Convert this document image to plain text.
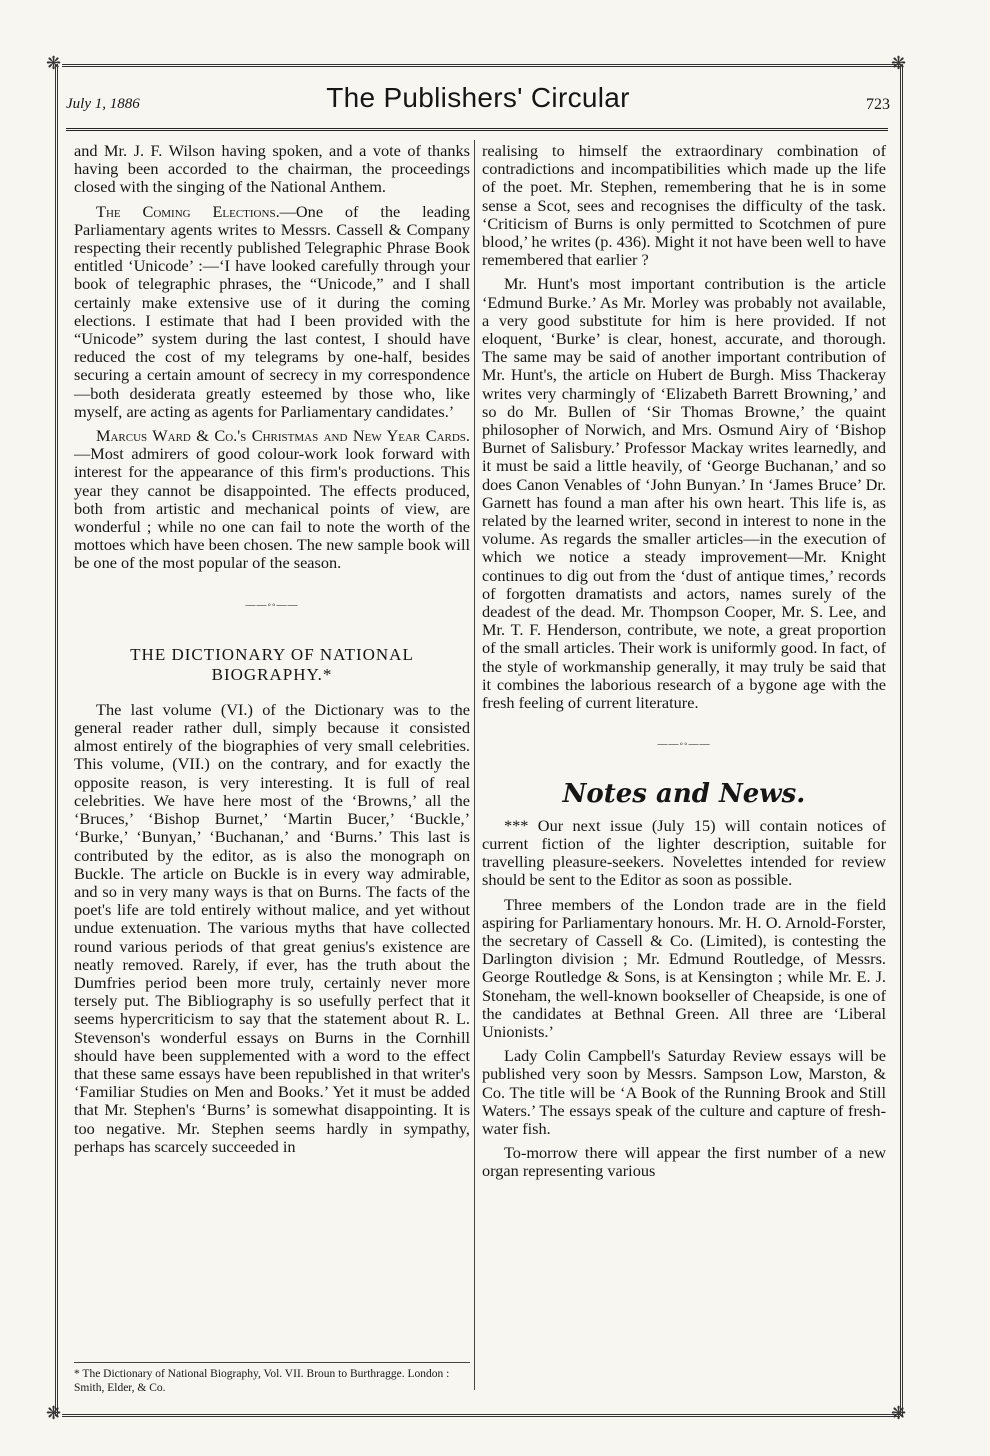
❋	❋
❋	❋
July 1, 1886	The Publishers' Circular	723

and Mr. J. F. Wilson having spoken, and a vote of thanks having been accorded to the chairman, the proceedings closed with the singing of the National Anthem.

The Coming Elections.—One of the leading Parliamentary agents writes to Messrs. Cassell & Company respecting their recently published Telegraphic Phrase Book entitled ‘Unicode’ :—‘I have looked carefully through your book of telegraphic phrases, the “Unicode,” and I shall certainly make extensive use of it during the coming elections. I estimate that had I been provided with the “Unicode” system during the last contest, I should have reduced the cost of my telegrams by one-half, besides securing a certain amount of secrecy in my correspondence—both desiderata greatly esteemed by those who, like myself, are acting as agents for Parliamentary candidates.’

Marcus Ward & Co.'s Christmas and New Year Cards.—Most admirers of good colour-work look forward with interest for the appearance of this firm's productions. This year they cannot be disappointed. The effects produced, both from artistic and mechanical points of view, are wonderful ; while no one can fail to note the worth of the mottoes which have been chosen. The new sample book will be one of the most popular of the season.

——◦◦——
THE DICTIONARY OF NATIONAL BIOGRAPHY.*

The last volume (VI.) of the Dictionary was to the general reader rather dull, simply because it consisted almost entirely of the biographies of very small celebrities. This volume, (VII.) on the contrary, and for exactly the opposite reason, is very interesting. It is full of real celebrities. We have here most of the ‘Browns,’ all the ‘Bruces,’ ‘Bishop Burnet,’ ‘Martin Bucer,’ ‘Buckle,’ ‘Burke,’ ‘Bunyan,’ ‘Buchanan,’ and ‘Burns.’ This last is contributed by the editor, as is also the monograph on Buckle. The article on Buckle is in every way admirable, and so in very many ways is that on Burns. The facts of the poet's life are told entirely without malice, and yet without undue extenuation. The various myths that have collected round various periods of that great genius's existence are neatly removed. Rarely, if ever, has the truth about the Dumfries period been more truly, certainly never more tersely put. The Bibliography is so usefully perfect that it seems hypercriticism to say that the statement about R. L. Stevenson's wonderful essays on Burns in the Cornhill should have been supplemented with a word to the effect that these same essays have been republished in that writer's ‘Familiar Studies on Men and Books.’ Yet it must be added that Mr. Stephen's ‘Burns’ is somewhat disappointing. It is too negative. Mr. Stephen seems hardly in sympathy, perhaps has scarcely succeeded in

* The Dictionary of National Biography, Vol. VII. Broun to Burthragge. London : Smith, Elder, & Co.

realising to himself the extraordinary combination of contradictions and incompatibilities which made up the life of the poet. Mr. Stephen, remembering that he is in some sense a Scot, sees and recognises the difficulty of the task. ‘Criticism of Burns is only permitted to Scotchmen of pure blood,’ he writes (p. 436). Might it not have been well to have remembered that earlier ?

Mr. Hunt's most important contribution is the article ‘Edmund Burke.’ As Mr. Morley was probably not available, a very good substitute for him is here provided. If not eloquent, ‘Burke’ is clear, honest, accurate, and thorough. The same may be said of another important contribution of Mr. Hunt's, the article on Hubert de Burgh. Miss Thackeray writes very charmingly of ‘Elizabeth Barrett Browning,’ and so do Mr. Bullen of ‘Sir Thomas Browne,’ the quaint philosopher of Norwich, and Mrs. Osmund Airy of ‘Bishop Burnet of Salisbury.’ Professor Mackay writes learnedly, and it must be said a little heavily, of ‘George Buchanan,’ and so does Canon Venables of ‘John Bunyan.’ In ‘James Bruce’ Dr. Garnett has found a man after his own heart. This life is, as related by the learned writer, second in interest to none in the volume. As regards the smaller articles—in the execution of which we notice a steady improvement—Mr. Knight continues to dig out from the ‘dust of antique times,’ records of forgotten dramatists and actors, names surely of the deadest of the dead. Mr. Thompson Cooper, Mr. S. Lee, and Mr. T. F. Henderson, contribute, we note, a great proportion of the small articles. Their work is uniformly good. In fact, of the style of workmanship generally, it may truly be said that it combines the laborious research of a bygone age with the fresh feeling of current literature.

——◦◦——
Notes and News.

*** Our next issue (July 15) will contain notices of current fiction of the lighter description, suitable for travelling pleasure-seekers. Novelettes intended for review should be sent to the Editor as soon as possible.

Three members of the London trade are in the field aspiring for Parliamentary honours. Mr. H. O. Arnold-Forster, the secretary of Cassell & Co. (Limited), is contesting the Darlington division ; Mr. Edmund Routledge, of Messrs. George Routledge & Sons, is at Kensington ; while Mr. E. J. Stoneham, the well-known bookseller of Cheapside, is one of the candidates at Bethnal Green. All three are ‘Liberal Unionists.’

Lady Colin Campbell's Saturday Review essays will be published very soon by Messrs. Sampson Low, Marston, & Co. The title will be ‘A Book of the Running Brook and Still Waters.’ The essays speak of the culture and capture of fresh-water fish.

To-morrow there will appear the first number of a new organ representing various
